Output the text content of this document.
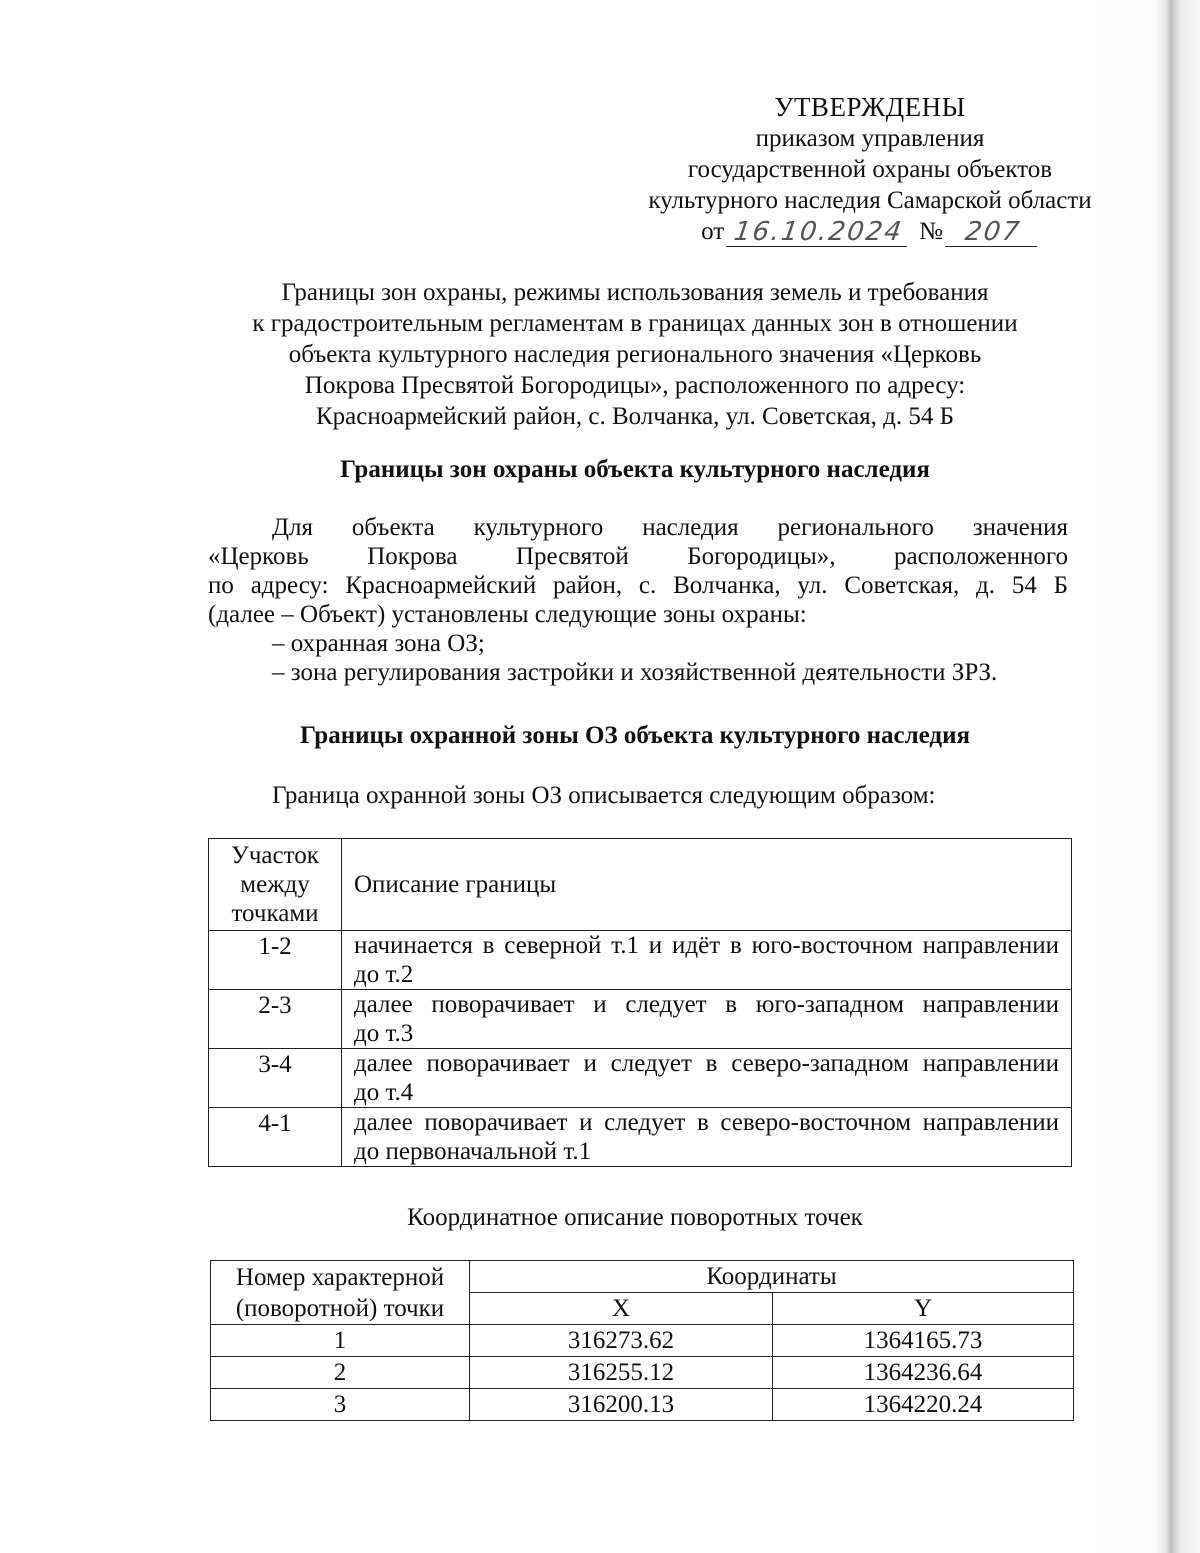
УТВЕРЖДЕНЫ
приказом управления
государственной охраны объектов
культурного наследия Самарской области
от 16.10.2024 № 207
Границы зон охраны, режимы использования земель и требования
к градостроительным регламентам в границах данных зон в отношении
объекта культурного наследия регионального значения «Церковь
Покрова Пресвятой Богородицы», расположенного по адресу:
Красноармейский район, с. Волчанка, ул. Советская, д. 54 Б
Границы зон охраны объекта культурного наследия
Для объекта культурного наследия регионального значения
«Церковь Покрова Пресвятой Богородицы», расположенного
по адресу: Красноармейский район, с. Волчанка, ул. Советская, д. 54 Б
(далее – Объект) установлены следующие зоны охраны:
– охранная зона ОЗ;
– зона регулирования застройки и хозяйственной деятельности ЗРЗ.
Границы охранной зоны ОЗ объекта культурного наследия
Граница охранной зоны ОЗ описывается следующим образом:
Участок между точками	Описание границы
1-2	начинается в северной т.1 и идёт в юго-восточном направлении
до т.2

2-3	далее поворачивает и следует в юго-западном направлении
до т.3

3-4	далее поворачивает и следует в северо-западном направлении
до т.4

4-1	далее поворачивает и следует в северо-восточном направлении
до первоначальной т.1
Координатное описание поворотных точек
Номер характерной (поворотной) точки	Координаты	
	X	Y
1	316273.62	1364165.73
2	316255.12	1364236.64
3	316200.13	1364220.24
